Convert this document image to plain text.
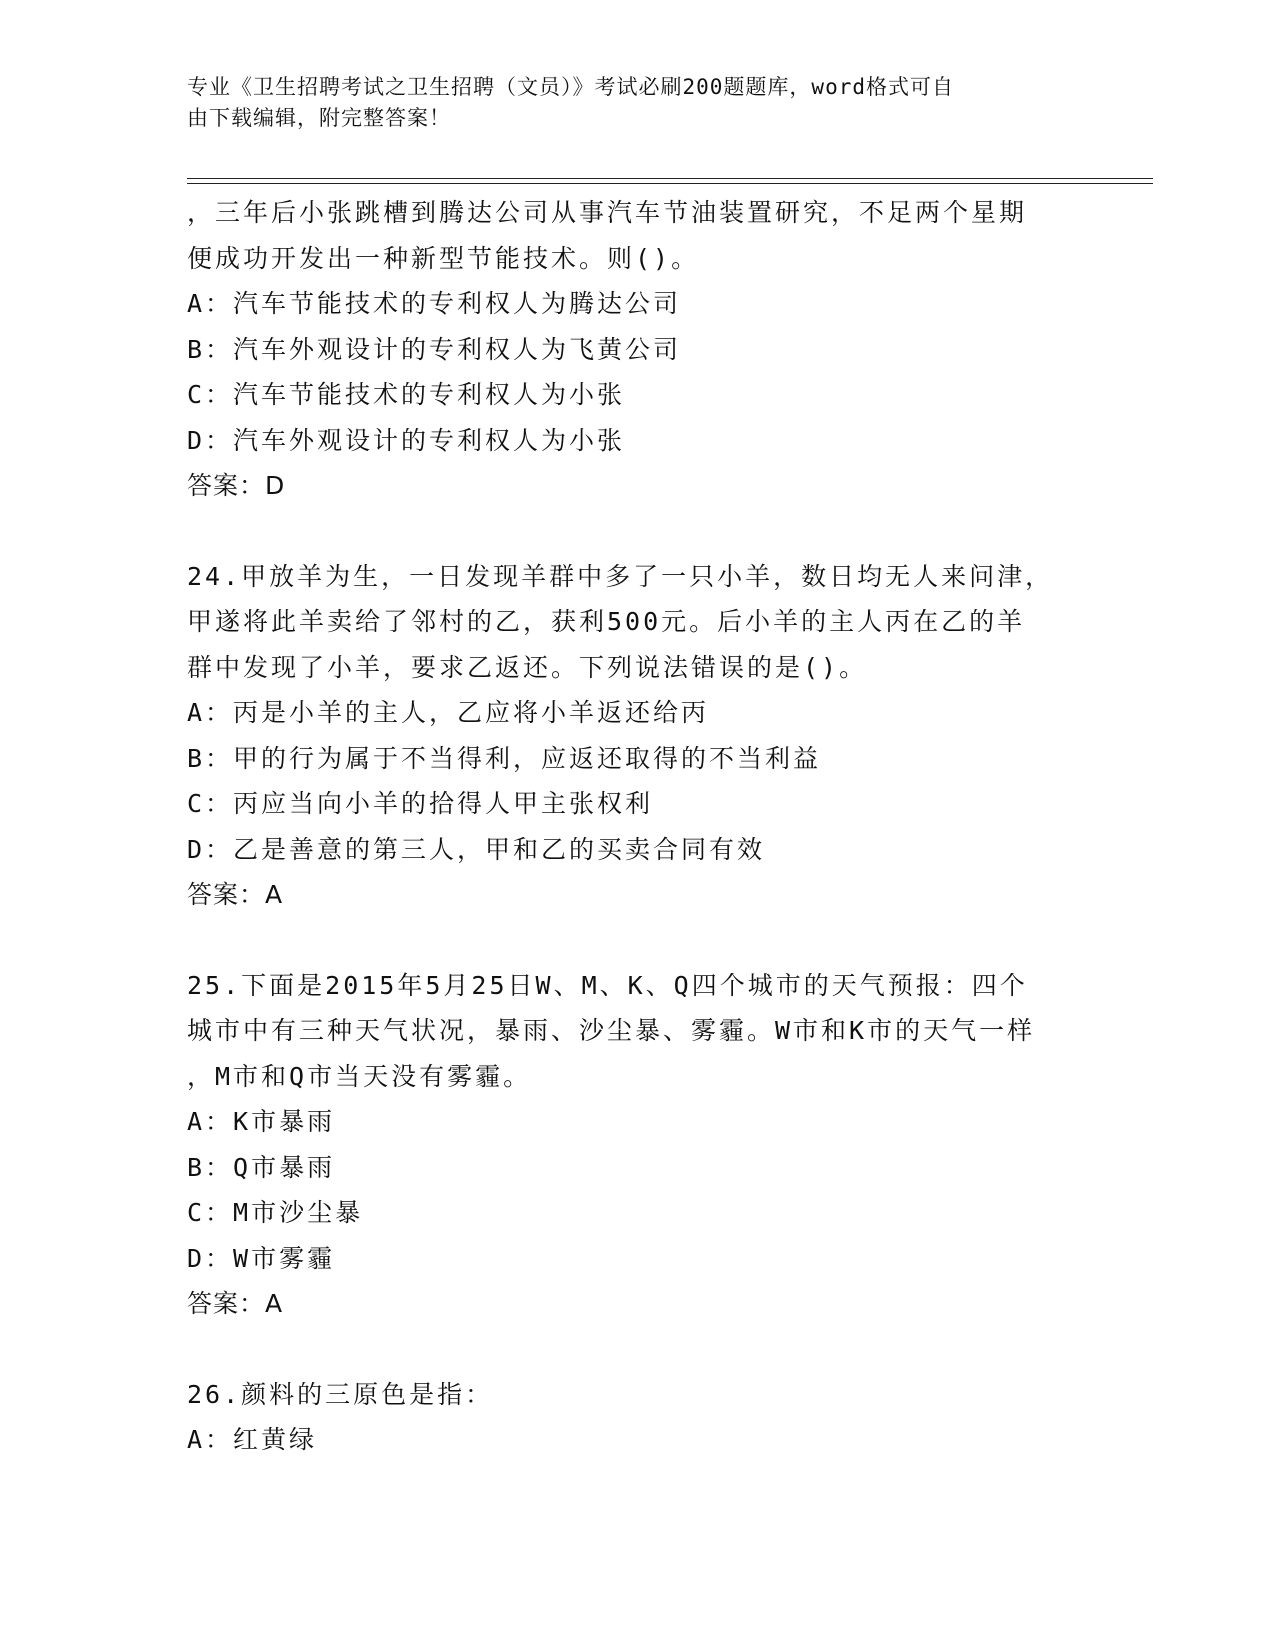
专业《卫生招聘考试之卫生招聘（文员）》考试必刷200题题库，word格式可自
由下载编辑，附完整答案！
，三年后小张跳槽到腾达公司从事汽车节油装置研究，不足两个星期
便成功开发出一种新型节能技术。则()。
A：汽车节能技术的专利权人为腾达公司
B：汽车外观设计的专利权人为飞黄公司
C：汽车节能技术的专利权人为小张
D：汽车外观设计的专利权人为小张
答案：D
24.甲放羊为生，一日发现羊群中多了一只小羊，数日均无人来问津，
甲遂将此羊卖给了邻村的乙，获利500元。后小羊的主人丙在乙的羊
群中发现了小羊，要求乙返还。下列说法错误的是()。
A：丙是小羊的主人，乙应将小羊返还给丙
B：甲的行为属于不当得利，应返还取得的不当利益
C：丙应当向小羊的拾得人甲主张权利
D：乙是善意的第三人，甲和乙的买卖合同有效
答案：A
25.下面是2015年5月25日W、M、K、Q四个城市的天气预报：四个
城市中有三种天气状况，暴雨、沙尘暴、雾霾。W市和K市的天气一样
，M市和Q市当天没有雾霾。
A：K市暴雨
B：Q市暴雨
C：M市沙尘暴
D：W市雾霾
答案：A
26.颜料的三原色是指：
A：红黄绿
